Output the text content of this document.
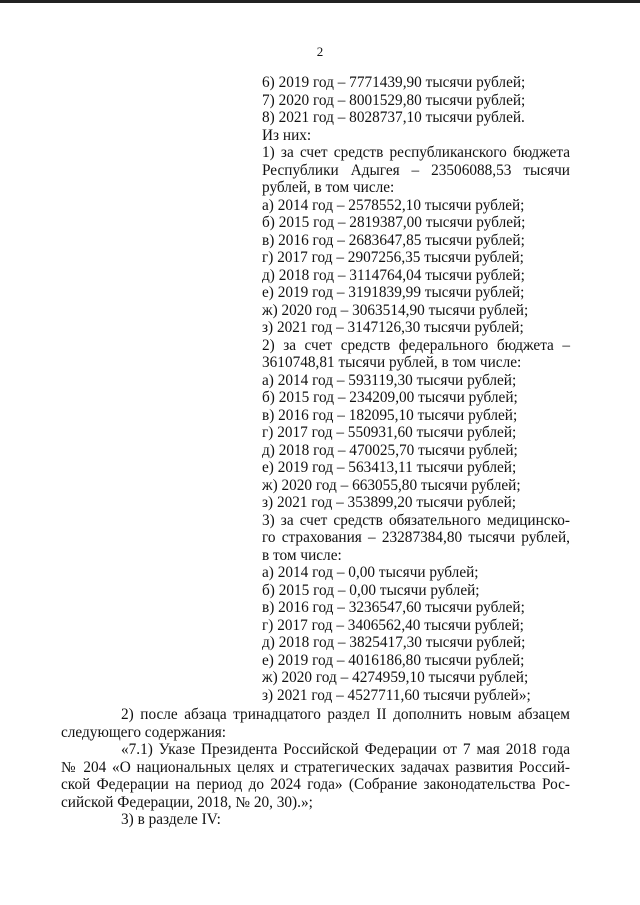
2
6) 2019 год – 7771439,90 тысячи рублей;
7) 2020 год – 8001529,80 тысячи рублей;
8) 2021 год – 8028737,10 тысячи рублей.
Из них:
1) за счет средств республиканского бюджета
Республики Адыгея – 23506088,53 тысячи
рублей, в том числе:
а) 2014 год – 2578552,10 тысячи рублей;
б) 2015 год – 2819387,00 тысячи рублей;
в) 2016 год – 2683647,85 тысячи рублей;
г) 2017 год – 2907256,35 тысячи рублей;
д) 2018 год – 3114764,04 тысячи рублей;
е) 2019 год – 3191839,99 тысячи рублей;
ж) 2020 год – 3063514,90 тысячи рублей;
з) 2021 год – 3147126,30 тысячи рублей;
2) за счет средств федерального бюджета –
3610748,81 тысячи рублей, в том числе:
а) 2014 год – 593119,30 тысячи рублей;
б) 2015 год – 234209,00 тысячи рублей;
в) 2016 год – 182095,10 тысячи рублей;
г) 2017 год – 550931,60 тысячи рублей;
д) 2018 год – 470025,70 тысячи рублей;
е) 2019 год – 563413,11 тысячи рублей;
ж) 2020 год – 663055,80 тысячи рублей;
з) 2021 год – 353899,20 тысячи рублей;
3) за счет средств обязательного медицинско-
го страхования – 23287384,80 тысячи рублей,
в том числе:
а) 2014 год – 0,00 тысячи рублей;
б) 2015 год – 0,00 тысячи рублей;
в) 2016 год – 3236547,60 тысячи рублей;
г) 2017 год – 3406562,40 тысячи рублей;
д) 2018 год – 3825417,30 тысячи рублей;
е) 2019 год – 4016186,80 тысячи рублей;
ж) 2020 год – 4274959,10 тысячи рублей;
з) 2021 год – 4527711,60 тысячи рублей»;
2) после абзаца тринадцатого раздел II дополнить новым абзацем
следующего содержания:
«7.1) Указе Президента Российской Федерации от 7 мая 2018 года
№ 204 «О национальных целях и стратегических задачах развития Россий-
ской Федерации на период до 2024 года» (Собрание законодательства Рос-
сийской Федерации, 2018, № 20, 30).»;
3) в разделе IV:
